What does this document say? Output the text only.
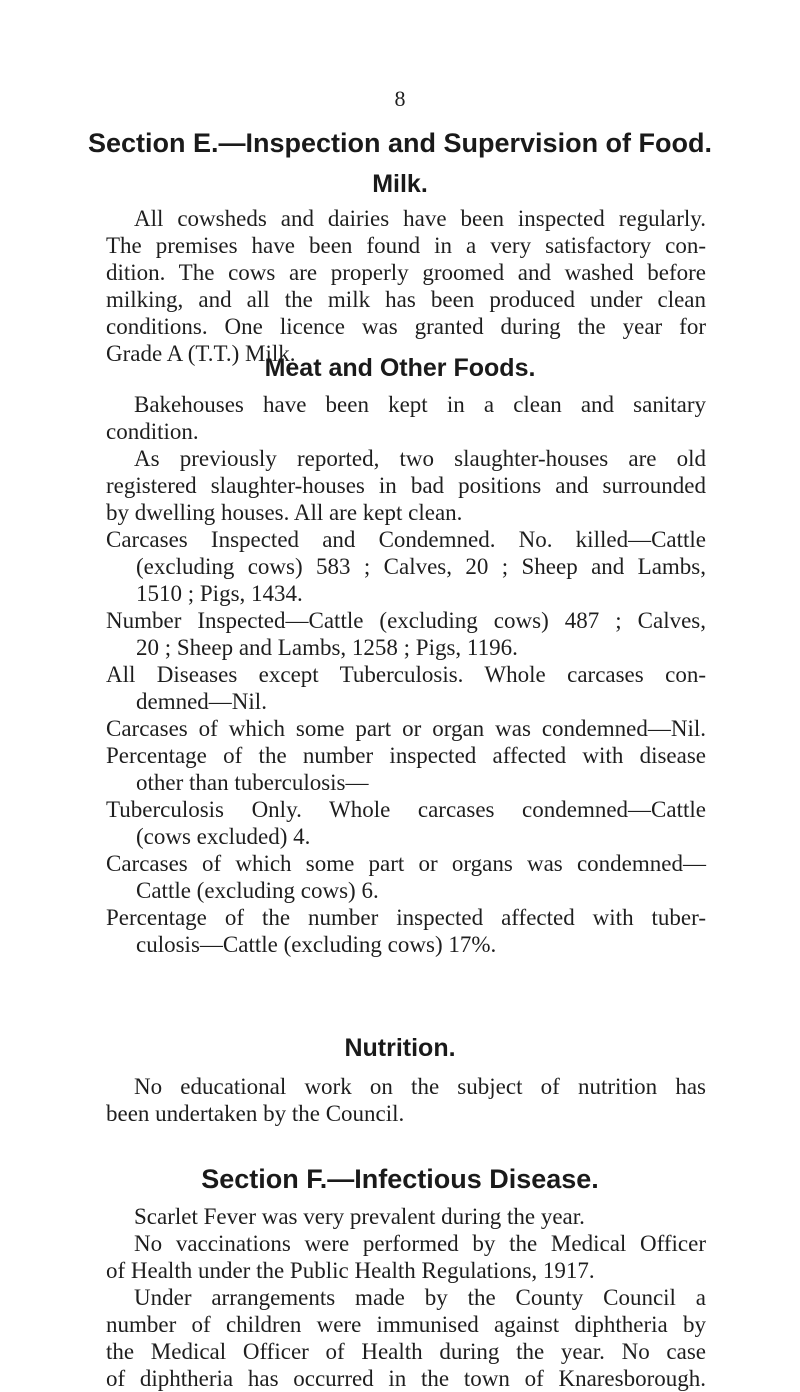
8
Section E.—Inspection and Supervision of Food.
Milk.
All cowsheds and dairies have been inspected regularly.
The premises have been found in a very satisfactory con-
dition. The cows are properly groomed and washed before
milking, and all the milk has been produced under clean
conditions. One licence was granted during the year for
Grade A (T.T.) Milk.
Meat and Other Foods.
Bakehouses have been kept in a clean and sanitary
condition.
As previously reported, two slaughter-houses are old
registered slaughter-houses in bad positions and surrounded
by dwelling houses. All are kept clean.
Carcases Inspected and Condemned. No. killed—Cattle
(excluding cows) 583 ; Calves, 20 ; Sheep and Lambs,
1510 ; Pigs, 1434.
Number Inspected—Cattle (excluding cows) 487 ; Calves,
20 ; Sheep and Lambs, 1258 ; Pigs, 1196.
All Diseases except Tuberculosis. Whole carcases con-
demned—Nil.
Carcases of which some part or organ was condemned—Nil.
Percentage of the number inspected affected with disease
other than tuberculosis—
Tuberculosis Only. Whole carcases condemned—Cattle
(cows excluded) 4.
Carcases of which some part or organs was condemned—
Cattle (excluding cows) 6.
Percentage of the number inspected affected with tuber-
culosis—Cattle (excluding cows) 17%.
Nutrition.
No educational work on the subject of nutrition has
been undertaken by the Council.
Section F.—Infectious Disease.
Scarlet Fever was very prevalent during the year.
No vaccinations were performed by the Medical Officer
of Health under the Public Health Regulations, 1917.
Under arrangements made by the County Council a
number of children were immunised against diphtheria by
the Medical Officer of Health during the year. No case
of diphtheria has occurred in the town of Knaresborough.
